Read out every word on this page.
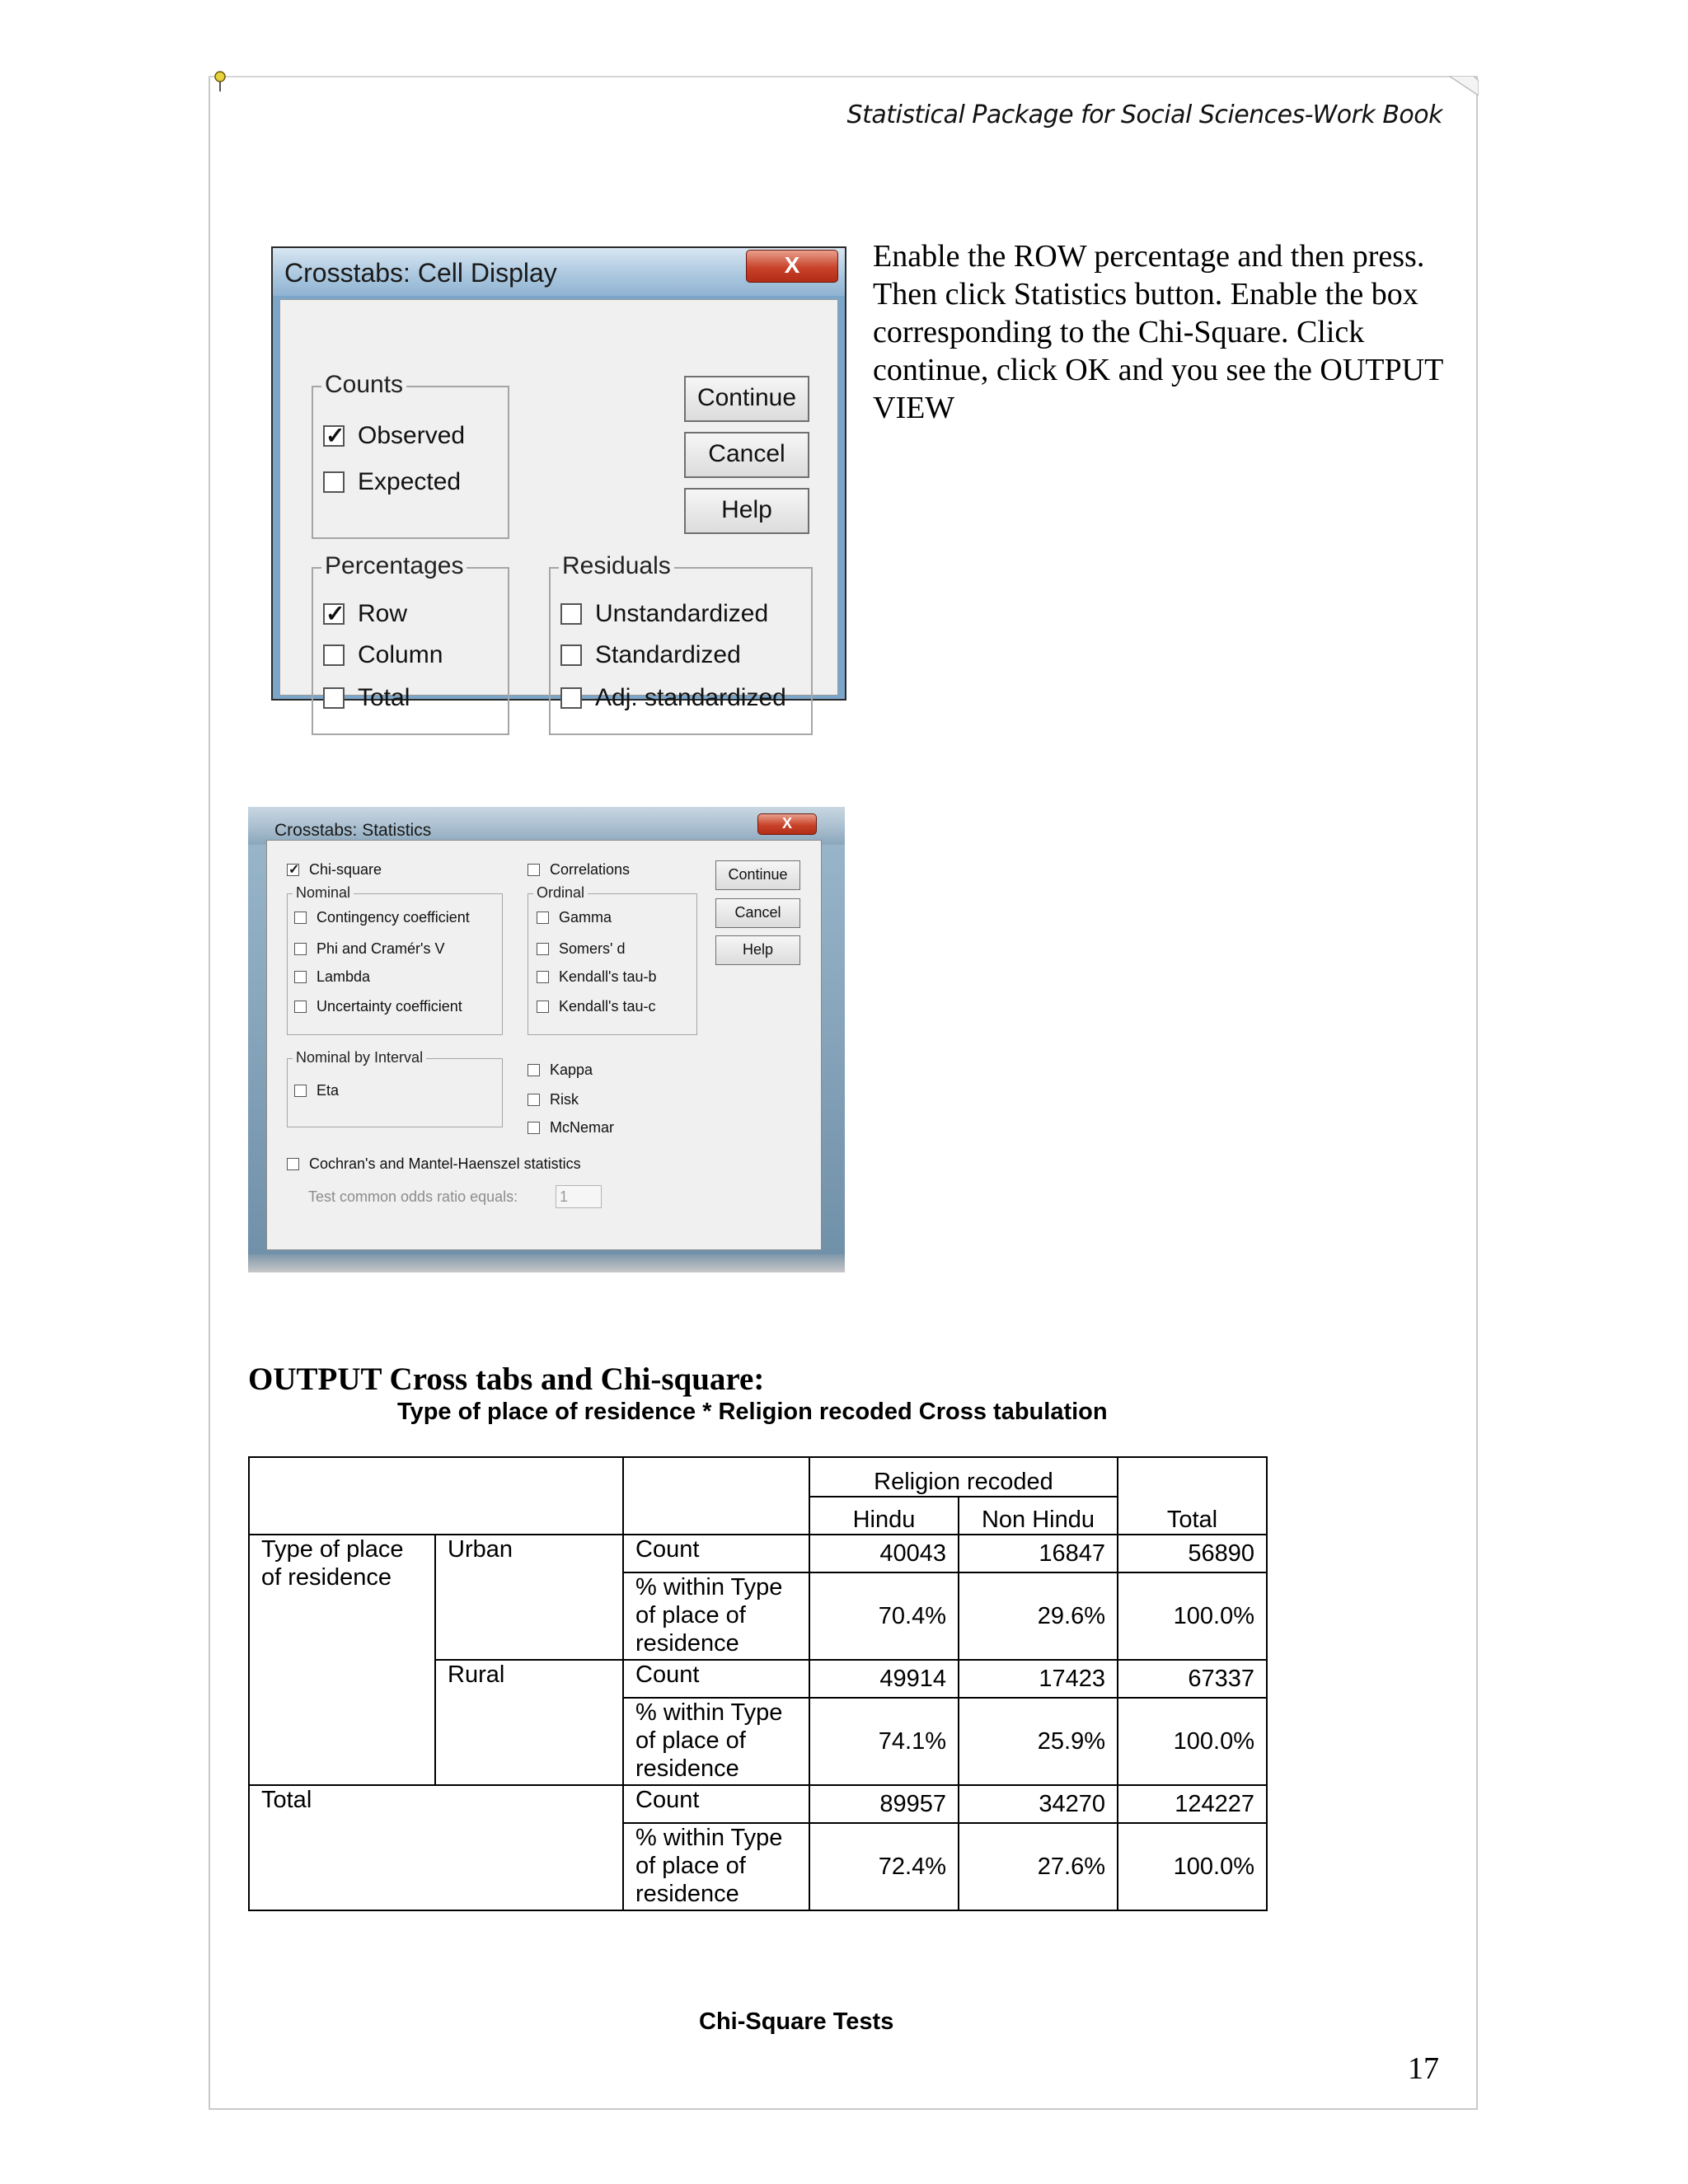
Statistical Package for Social Sciences-Work Book
Enable the ROW percentage and then press. Then click Statistics button. Enable the box corresponding to the Chi-Square. Click continue, click OK and you see the OUTPUT VIEW
Crosstabs: Cell Display	X
Counts
✓
Observed
Expected
Continue
Cancel
Help
Percentages
✓
Row
Column
Total
Residuals
Unstandardized
Standardized
Adj. standardized
Crosstabs: Statistics	X
✓
Chi-square	Correlations
Nominal
Contingency coefficient
Phi and Cramér's V
Lambda
Uncertainty coefficient
Ordinal
Gamma
Somers' d
Kendall's tau-b
Kendall's tau-c
Continue
Cancel
Help
Nominal by Interval
Eta
Kappa
Risk
McNemar
Cochran's and Mantel-Haenszel statistics
Test common odds ratio equals:	1
OUTPUT Cross tabs and Chi-square:
Type of place of residence * Religion recoded Cross tabulation
			Religion recoded		Total
			Hindu	Non Hindu	
Type of place of residence	Urban	Count	40043	16847	56890
		% within Type of place of residence	70.4%	29.6%	100.0%
	Rural	Count	49914	17423	67337
		% within Type of place of residence	74.1%	25.9%	100.0%
Total		Count	89957	34270	124227
		% within Type of place of residence	72.4%	27.6%	100.0%
Chi-Square Tests
17
